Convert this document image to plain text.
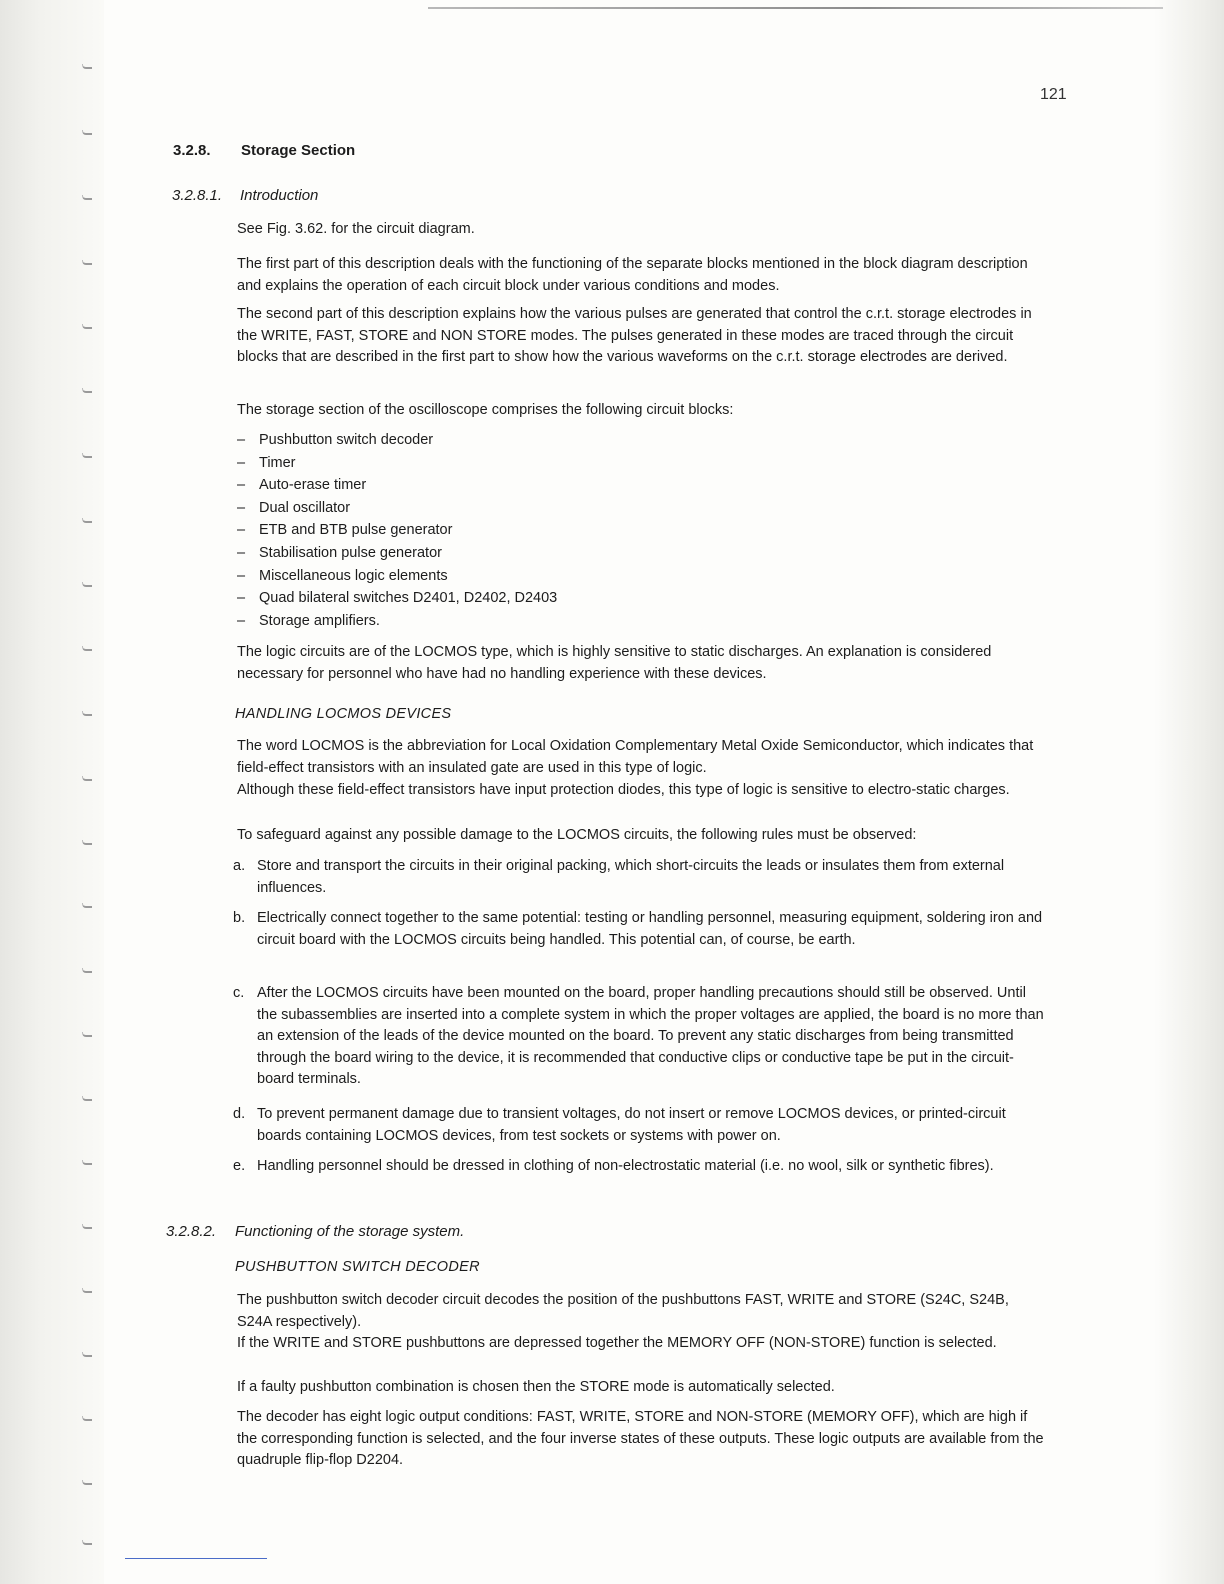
121
3.2.8. Storage Section
3.2.8.1. Introduction

See Fig. 3.62. for the circuit diagram.

The first part of this description deals with the functioning of the separate blocks mentioned in the block diagram description and explains the operation of each circuit block under various conditions and modes.

The second part of this description explains how the various pulses are generated that control the c.r.t. storage electrodes in the WRITE, FAST, STORE and NON STORE modes. The pulses generated in these modes are traced through the circuit blocks that are described in the first part to show how the various waveforms on the c.r.t. storage electrodes are derived.

The storage section of the oscilloscope comprises the following circuit blocks:

– Pushbutton switch decoder
– Timer
– Auto-erase timer
– Dual oscillator
– ETB and BTB pulse generator
– Stabilisation pulse generator
– Miscellaneous logic elements
– Quad bilateral switches D2401, D2402, D2403
– Storage amplifiers.

The logic circuits are of the LOCMOS type, which is highly sensitive to static discharges. An explanation is considered necessary for personnel who have had no handling experience with these devices.

HANDLING LOCMOS DEVICES

The word LOCMOS is the abbreviation for Local Oxidation Complementary Metal Oxide Semiconductor, which indicates that field-effect transistors with an insulated gate are used in this type of logic.

Although these field-effect transistors have input protection diodes, this type of logic is sensitive to electro-static charges.

To safeguard against any possible damage to the LOCMOS circuits, the following rules must be observed:

a. Store and transport the circuits in their original packing, which short-circuits the leads or insulates them from external influences.
b. Electrically connect together to the same potential: testing or handling personnel, measuring equipment, soldering iron and circuit board with the LOCMOS circuits being handled. This potential can, of course, be earth.
c. After the LOCMOS circuits have been mounted on the board, proper handling precautions should still be observed. Until the subassemblies are inserted into a complete system in which the proper voltages are applied, the board is no more than an extension of the leads of the device mounted on the board. To prevent any static discharges from being transmitted through the board wiring to the device, it is recommended that conductive clips or conductive tape be put in the circuit-board terminals.
d. To prevent permanent damage due to transient voltages, do not insert or remove LOCMOS devices, or printed-circuit boards containing LOCMOS devices, from test sockets or systems with power on.
e. Handling personnel should be dressed in clothing of non-electrostatic material (i.e. no wool, silk or synthetic fibres).
3.2.8.2. Functioning of the storage system.
PUSHBUTTON SWITCH DECODER

The pushbutton switch decoder circuit decodes the position of the pushbuttons FAST, WRITE and STORE (S24C, S24B, S24A respectively).

If the WRITE and STORE pushbuttons are depressed together the MEMORY OFF (NON-STORE) function is selected.

If a faulty pushbutton combination is chosen then the STORE mode is automatically selected.

The decoder has eight logic output conditions: FAST, WRITE, STORE and NON-STORE (MEMORY OFF), which are high if the corresponding function is selected, and the four inverse states of these outputs. These logic outputs are available from the quadruple flip-flop D2204.
